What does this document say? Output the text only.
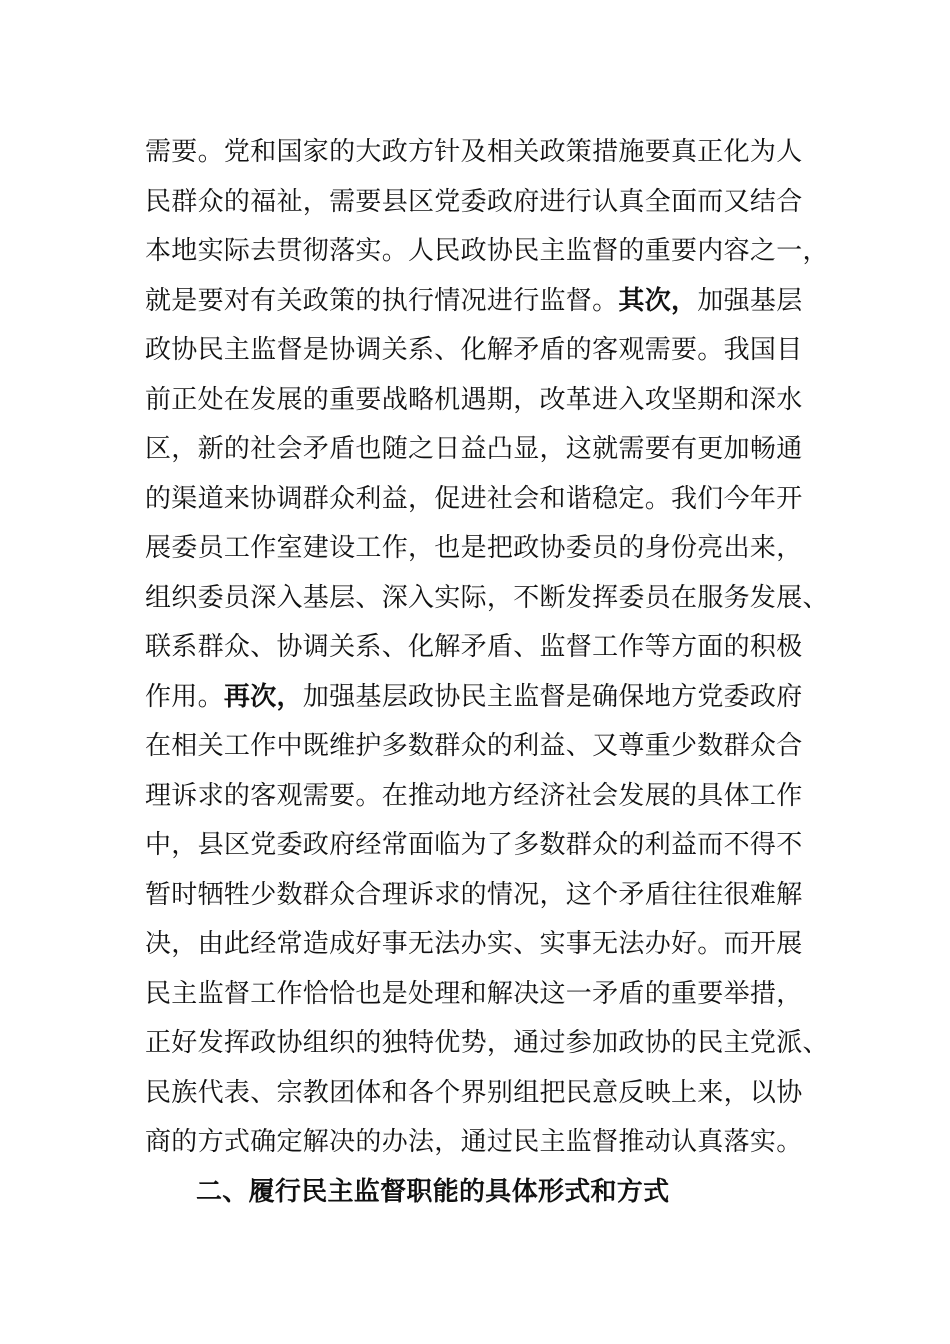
需要。党和国家的大政方针及相关政策措施要真正化为人
民群众的福祉，需要县区党委政府进行认真全面而又结合
本地实际去贯彻落实。人民政协民主监督的重要内容之一，
就是要对有关政策的执行情况进行监督。其次，加强基层
政协民主监督是协调关系、化解矛盾的客观需要。我国目
前正处在发展的重要战略机遇期，改革进入攻坚期和深水
区，新的社会矛盾也随之日益凸显，这就需要有更加畅通
的渠道来协调群众利益，促进社会和谐稳定。我们今年开
展委员工作室建设工作，也是把政协委员的身份亮出来，
组织委员深入基层、深入实际，不断发挥委员在服务发展、
联系群众、协调关系、化解矛盾、监督工作等方面的积极
作用。再次，加强基层政协民主监督是确保地方党委政府
在相关工作中既维护多数群众的利益、又尊重少数群众合
理诉求的客观需要。在推动地方经济社会发展的具体工作
中，县区党委政府经常面临为了多数群众的利益而不得不
暂时牺牲少数群众合理诉求的情况，这个矛盾往往很难解
决，由此经常造成好事无法办实、实事无法办好。而开展
民主监督工作恰恰也是处理和解决这一矛盾的重要举措，
正好发挥政协组织的独特优势，通过参加政协的民主党派、
民族代表、宗教团体和各个界别组把民意反映上来，以协
商的方式确定解决的办法，通过民主监督推动认真落实。
二、履行民主监督职能的具体形式和方式
